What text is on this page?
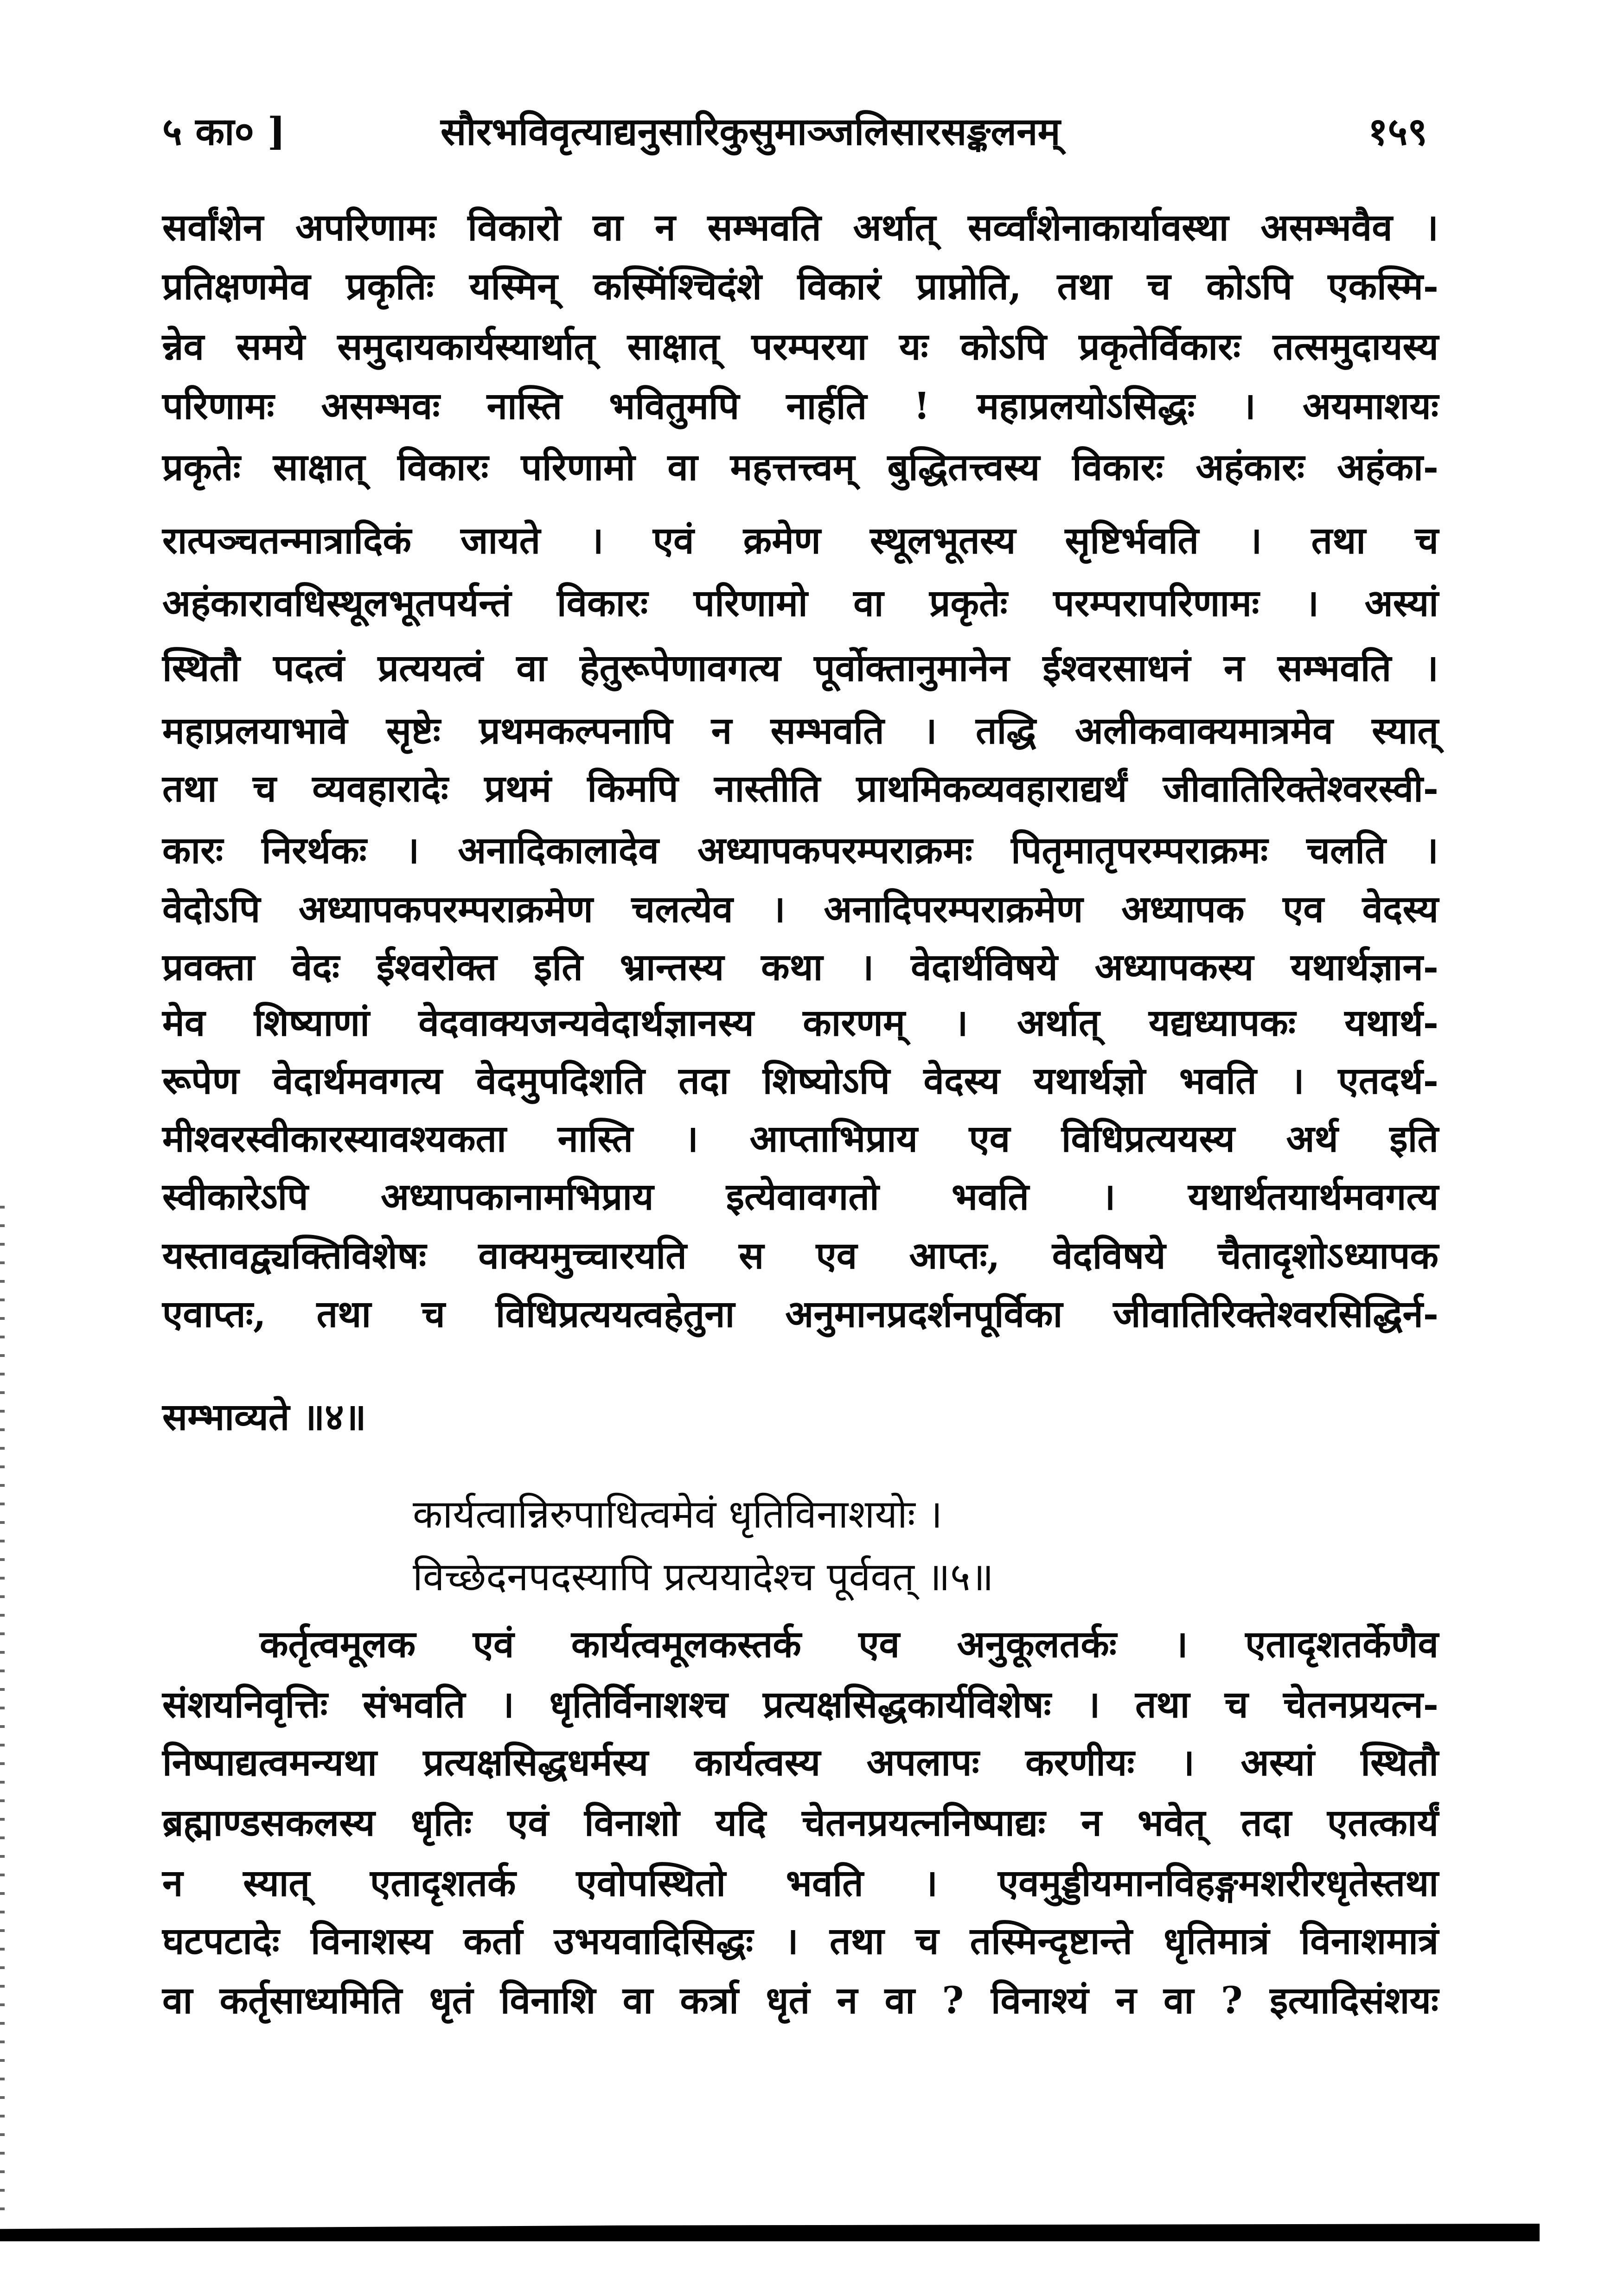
५ का० ]	सौरभविवृत्याद्यनुसारिकुसुमाञ्जलिसारसङ्कलनम्	१५९
सर्वांशेन अपरिणामः विकारो वा न सम्भवति अर्थात् सर्व्वांशेनाकार्यावस्था असम्भवैव ।
प्रतिक्षणमेव प्रकृतिः यस्मिन् कस्मिंश्चिदंशे विकारं प्राप्नोति, तथा च कोऽपि एकस्मि-
न्नेव समये समुदायकार्यस्यार्थात् साक्षात् परम्परया यः कोऽपि प्रकृतेर्विकारः तत्समुदायस्य
परिणामः असम्भवः नास्ति भवितुमपि नार्हति ! महाप्रलयोऽसिद्धः । अयमाशयः
प्रकृतेः साक्षात् विकारः परिणामो वा महत्तत्त्वम् बुद्धितत्त्वस्य विकारः अहंकारः अहंका-
रात्पञ्चतन्मात्रादिकं जायते । एवं क्रमेण स्थूलभूतस्य सृष्टिर्भवति । तथा च
अहंकारावधिस्थूलभूतपर्यन्तं विकारः परिणामो वा प्रकृतेः परम्परापरिणामः । अस्यां
स्थितौ पदत्वं प्रत्ययत्वं वा हेतुरूपेणावगत्य पूर्वोक्तानुमानेन ईश्वरसाधनं न सम्भवति ।
महाप्रलयाभावे सृष्टेः प्रथमकल्पनापि न सम्भवति । तद्धि अलीकवाक्यमात्रमेव स्यात्
तथा च व्यवहारादेः प्रथमं किमपि नास्तीति प्राथमिकव्यवहाराद्यर्थं जीवातिरिक्तेश्वरस्वी-
कारः निरर्थकः । अनादिकालादेव अध्यापकपरम्पराक्रमः पितृमातृपरम्पराक्रमः चलति ।
वेदोऽपि अध्यापकपरम्पराक्रमेण चलत्येव । अनादिपरम्पराक्रमेण अध्यापक एव वेदस्य
प्रवक्ता वेदः ईश्वरोक्त इति भ्रान्तस्य कथा । वेदार्थविषये अध्यापकस्य यथार्थज्ञान-
मेव शिष्याणां वेदवाक्यजन्यवेदार्थज्ञानस्य कारणम् । अर्थात् यद्यध्यापकः यथार्थ-
रूपेण वेदार्थमवगत्य वेदमुपदिशति तदा शिष्योऽपि वेदस्य यथार्थज्ञो भवति । एतदर्थ-
मीश्वरस्वीकारस्यावश्यकता नास्ति । आप्ताभिप्राय एव विधिप्रत्ययस्य अर्थ इति
स्वीकारेऽपि अध्यापकानामभिप्राय इत्येवावगतो भवति । यथार्थतयार्थमवगत्य
यस्तावद्व्यक्तिविशेषः वाक्यमुच्चारयति स एव आप्तः, वेदविषये चैतादृशोऽध्यापक
एवाप्तः, तथा च विधिप्रत्ययत्वहेतुना अनुमानप्रदर्शनपूर्विका जीवातिरिक्तेश्वरसिद्धिर्न-
सम्भाव्यते ॥४॥
कार्यत्वान्निरुपाधित्वमेवं धृतिविनाशयोः ।
विच्छेदनपदस्यापि प्रत्ययादेश्च पूर्ववत् ॥५॥
कर्तृत्वमूलक एवं कार्यत्वमूलकस्तर्क एव अनुकूलतर्कः । एतादृशतर्केणैव
संशयनिवृत्तिः संभवति । धृतिर्विनाशश्च प्रत्यक्षसिद्धकार्यविशेषः । तथा च चेतनप्रयत्न-
निष्पाद्यत्वमन्यथा प्रत्यक्षसिद्धधर्मस्य कार्यत्वस्य अपलापः करणीयः । अस्यां स्थितौ
ब्रह्माण्डसकलस्य धृतिः एवं विनाशो यदि चेतनप्रयत्ननिष्पाद्यः न भवेत् तदा एतत्कार्यं
न स्यात् एतादृशतर्क एवोपस्थितो भवति । एवमुड्डीयमानविहङ्गमशरीरधृतेस्तथा
घटपटादेः विनाशस्य कर्ता उभयवादिसिद्धः । तथा च तस्मिन्दृष्टान्ते धृतिमात्रं विनाशमात्रं
वा कर्तृसाध्यमिति धृतं विनाशि वा कर्त्रा धृतं न वा ? विनाश्यं न वा ? इत्यादिसंशयः
